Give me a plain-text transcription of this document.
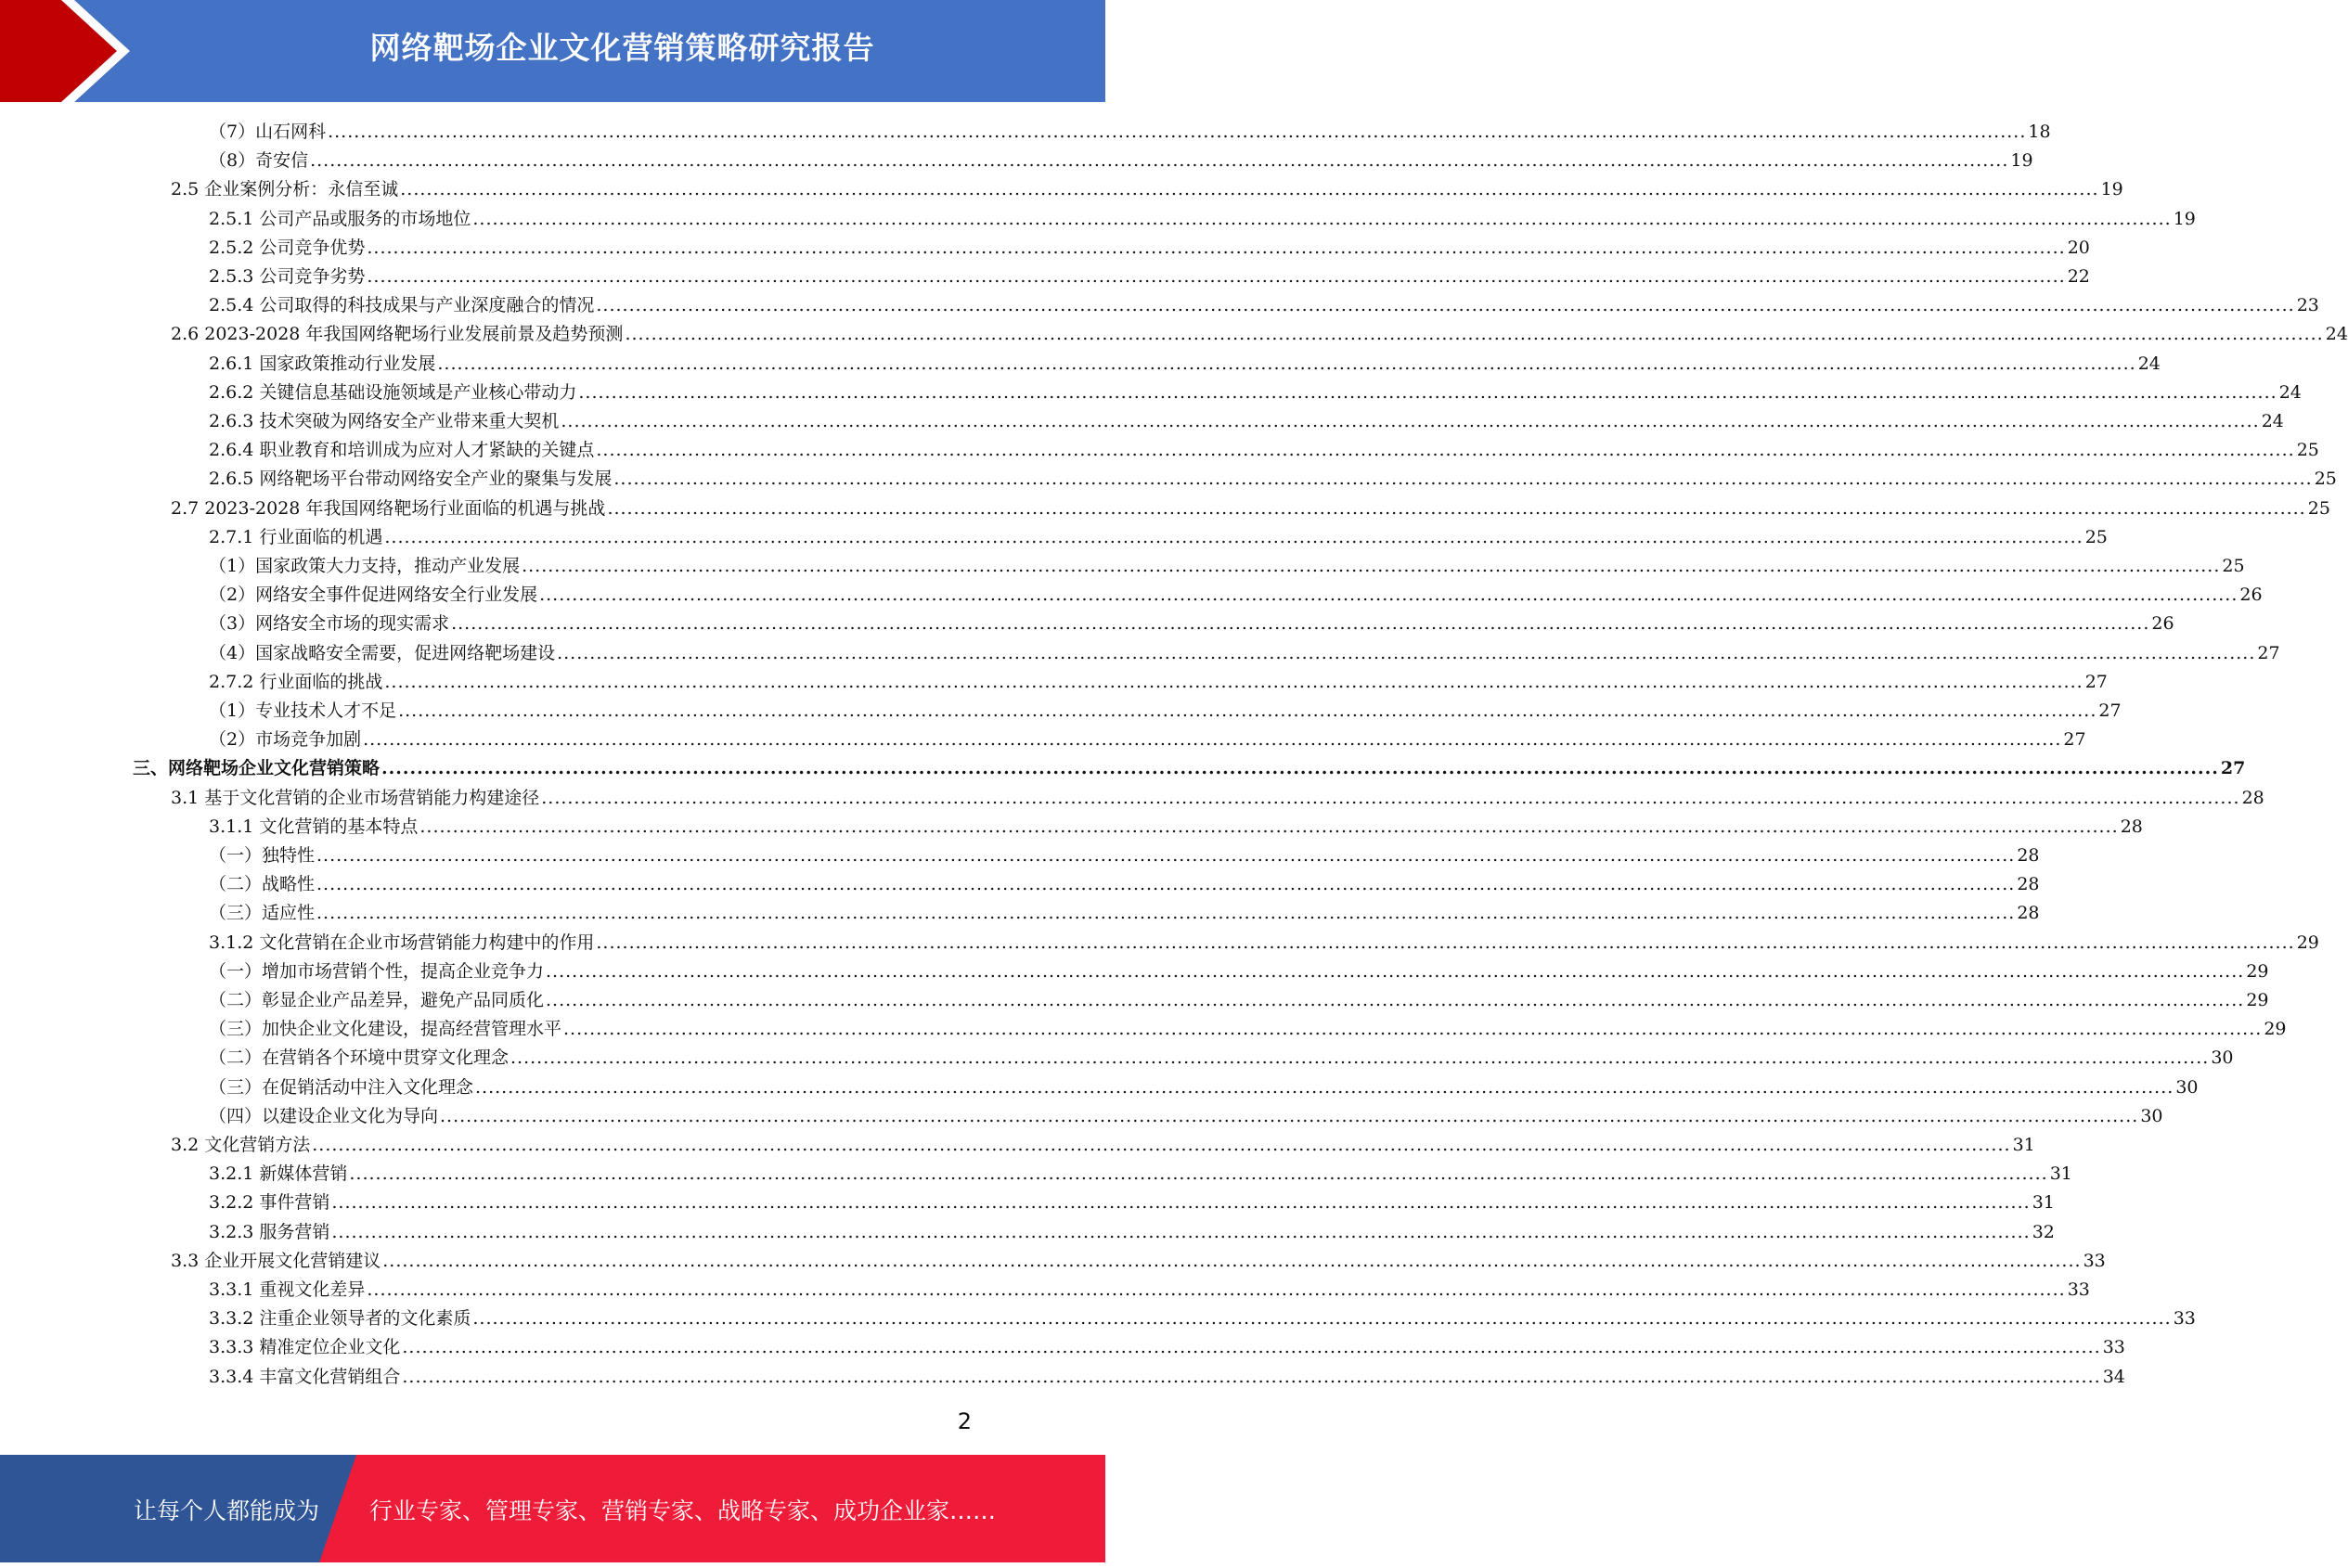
网络靶场企业文化营销策略研究报告
（7）山石网科 .................................................................................................................................................................................................................................................................... 18
（8）奇安信 .................................................................................................................................................................................................................................................................... 19
2.5 企业案例分析：永信至诚 .................................................................................................................................................................................................................................................................... 19
2.5.1 公司产品或服务的市场地位 .................................................................................................................................................................................................................................................................... 19
2.5.2 公司竞争优势 .................................................................................................................................................................................................................................................................... 20
2.5.3 公司竞争劣势 .................................................................................................................................................................................................................................................................... 22
2.5.4 公司取得的科技成果与产业深度融合的情况 .................................................................................................................................................................................................................................................................... 23
2.6 2023-2028 年我国网络靶场行业发展前景及趋势预测 .................................................................................................................................................................................................................................................................... 24
2.6.1 国家政策推动行业发展 .................................................................................................................................................................................................................................................................... 24
2.6.2 关键信息基础设施领域是产业核心带动力 .................................................................................................................................................................................................................................................................... 24
2.6.3 技术突破为网络安全产业带来重大契机 .................................................................................................................................................................................................................................................................... 24
2.6.4 职业教育和培训成为应对人才紧缺的关键点 .................................................................................................................................................................................................................................................................... 25
2.6.5 网络靶场平台带动网络安全产业的聚集与发展 .................................................................................................................................................................................................................................................................... 25
2.7 2023-2028 年我国网络靶场行业面临的机遇与挑战 .................................................................................................................................................................................................................................................................... 25
2.7.1 行业面临的机遇 .................................................................................................................................................................................................................................................................... 25
（1）国家政策大力支持，推动产业发展 .................................................................................................................................................................................................................................................................... 25
（2）网络安全事件促进网络安全行业发展 .................................................................................................................................................................................................................................................................... 26
（3）网络安全市场的现实需求 .................................................................................................................................................................................................................................................................... 26
（4）国家战略安全需要，促进网络靶场建设 .................................................................................................................................................................................................................................................................... 27
2.7.2 行业面临的挑战 .................................................................................................................................................................................................................................................................... 27
（1）专业技术人才不足 .................................................................................................................................................................................................................................................................... 27
（2）市场竞争加剧 .................................................................................................................................................................................................................................................................... 27
三、网络靶场企业文化营销策略 .................................................................................................................................................................................................................................................................... 27
3.1 基于文化营销的企业市场营销能力构建途径 .................................................................................................................................................................................................................................................................... 28
3.1.1 文化营销的基本特点 .................................................................................................................................................................................................................................................................... 28
（一）独特性 .................................................................................................................................................................................................................................................................... 28
（二）战略性 .................................................................................................................................................................................................................................................................... 28
（三）适应性 .................................................................................................................................................................................................................................................................... 28
3.1.2 文化营销在企业市场营销能力构建中的作用 .................................................................................................................................................................................................................................................................... 29
（一）增加市场营销个性，提高企业竞争力 .................................................................................................................................................................................................................................................................... 29
（二）彰显企业产品差异，避免产品同质化 .................................................................................................................................................................................................................................................................... 29
（三）加快企业文化建设，提高经营管理水平 .................................................................................................................................................................................................................................................................... 29
（二）在营销各个环境中贯穿文化理念 .................................................................................................................................................................................................................................................................... 30
（三）在促销活动中注入文化理念 .................................................................................................................................................................................................................................................................... 30
（四）以建设企业文化为导向 .................................................................................................................................................................................................................................................................... 30
3.2 文化营销方法 .................................................................................................................................................................................................................................................................... 31
3.2.1 新媒体营销 .................................................................................................................................................................................................................................................................... 31
3.2.2 事件营销 .................................................................................................................................................................................................................................................................... 31
3.2.3 服务营销 .................................................................................................................................................................................................................................................................... 32
3.3 企业开展文化营销建议 .................................................................................................................................................................................................................................................................... 33
3.3.1 重视文化差异 .................................................................................................................................................................................................................................................................... 33
3.3.2 注重企业领导者的文化素质 .................................................................................................................................................................................................................................................................... 33
3.3.3 精准定位企业文化 .................................................................................................................................................................................................................................................................... 33
3.3.4 丰富文化营销组合 .................................................................................................................................................................................................................................................................... 34
2
让每个人都能成为 行业专家、管理专家、营销专家、战略专家、成功企业家……
